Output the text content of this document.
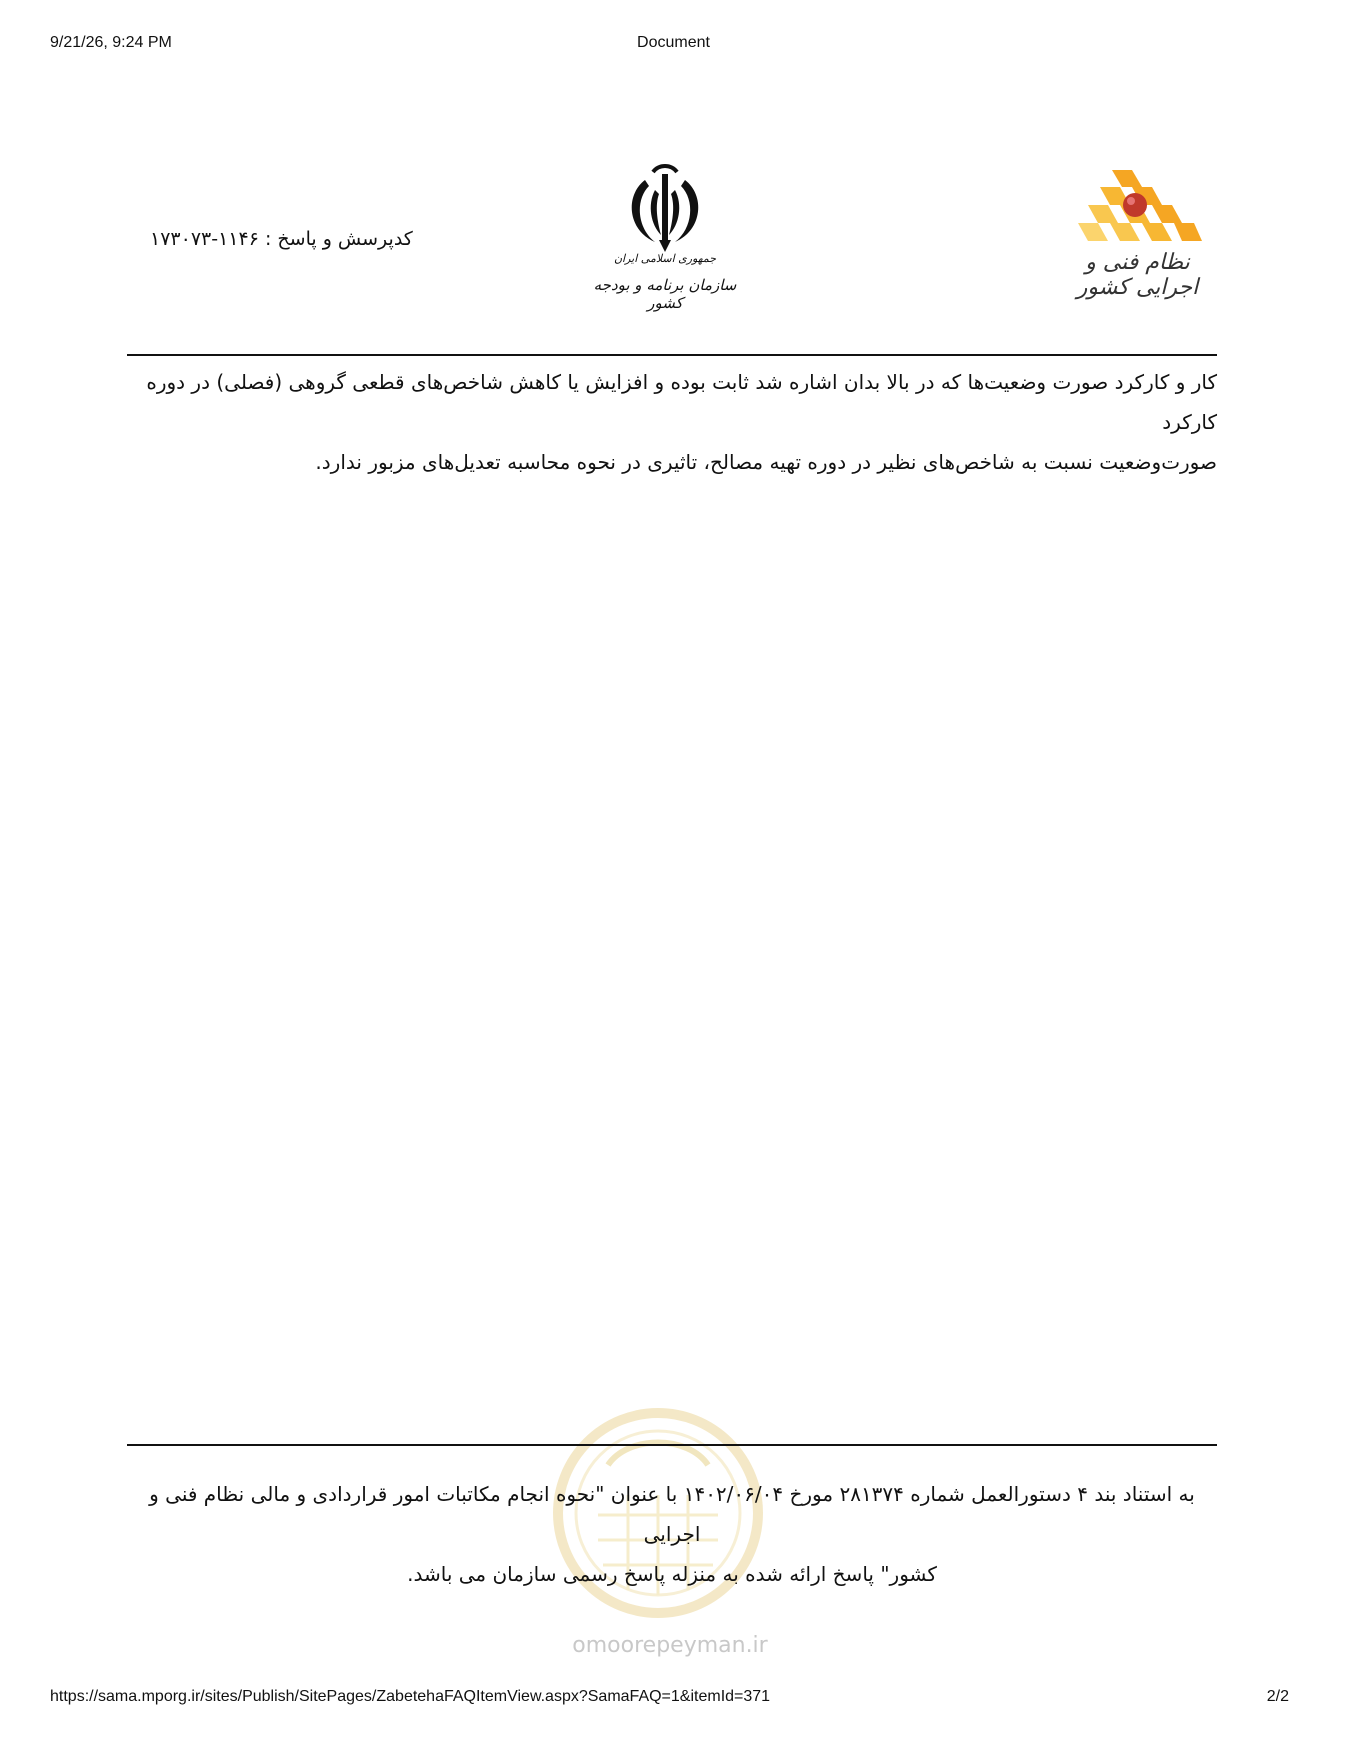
9/21/26, 9:24 PM	Document
نظام فنی و اجرایی کشور
جمهوری اسلامی ایران
سازمان برنامه و بودجه کشور
کدپرسش و پاسخ : ۱۱۴۶-۱۷۳۰۷۳
کار و کارکرد صورت وضعیت‌ها که در بالا بدان اشاره شد ثابت بوده و افزایش یا کاهش شاخص‌های قطعی گروهی (فصلی) در دوره کارکرد
صورت‌وضعیت نسبت به شاخص‌های نظیر در دوره تهیه مصالح، تاثیری در نحوه محاسبه تعدیل‌های مزبور ندارد.
omoorepeyman.ir
به استناد بند ۴ دستورالعمل شماره ۲۸۱۳۷۴ مورخ ۱۴۰۲/۰۶/۰۴ با عنوان "نحوه انجام مکاتبات امور قراردادی و مالی نظام فنی و اجرایی
کشور" پاسخ ارائه شده به منزله پاسخ رسمی سازمان می باشد.
https://sama.mporg.ir/sites/Publish/SitePages/ZabetehaFAQItemView.aspx?SamaFAQ=1&itemId=371	2/2
